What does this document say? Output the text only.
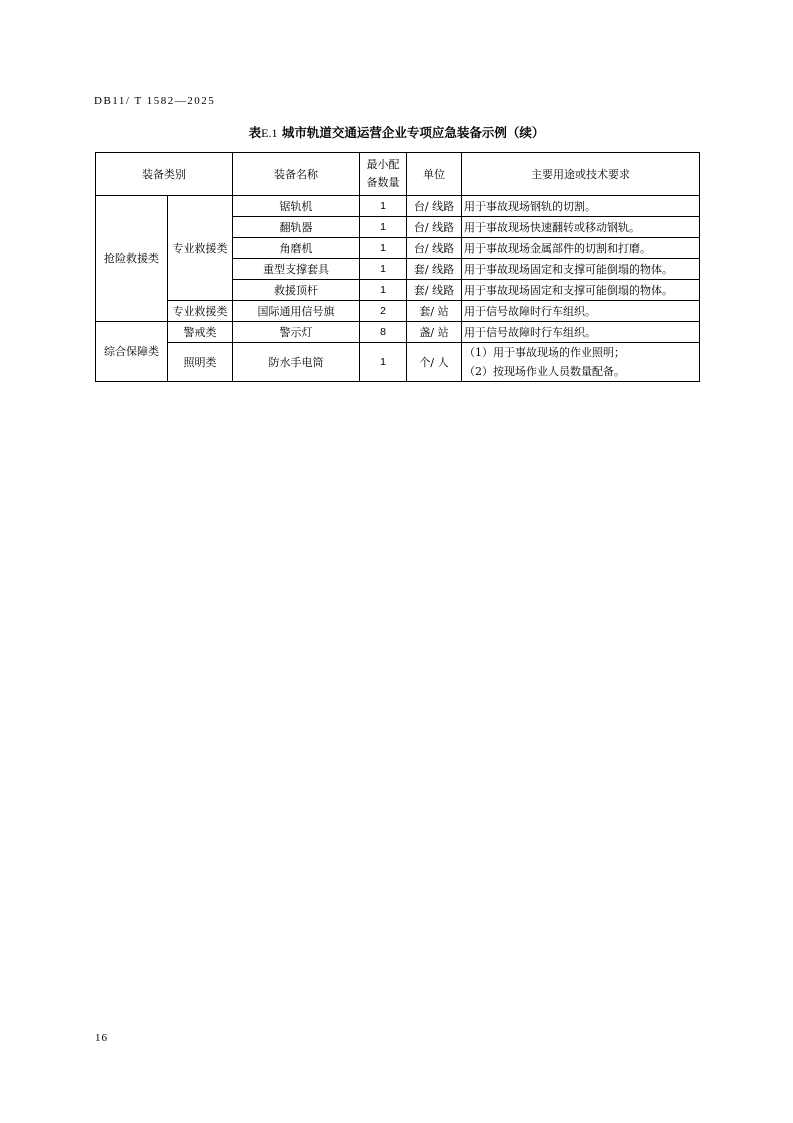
DB11/ T 1582—2025
表E.1 城市轨道交通运营企业专项应急装备示例（续）
装备类别		装备名称	最小配备数量	单位	主要用途或技术要求
抢险救援类	专业救援类	锯轨机	1	台/ 线路	用于事故现场钢轨的切割。
		翻轨器	1	台/ 线路	用于事故现场快速翻转或移动钢轨。
		角磨机	1	台/ 线路	用于事故现场金属部件的切割和打磨。
		重型支撑套具	1	套/ 线路	用于事故现场固定和支撑可能倒塌的物体。
		救援顶杆	1	套/ 线路	用于事故现场固定和支撑可能倒塌的物体。
	专业救援类	国际通用信号旗	2	套/ 站	用于信号故障时行车组织。
综合保障类	警戒类	警示灯	8	盏/ 站	用于信号故障时行车组织。
	照明类	防水手电筒	1	个/ 人	（1）用于事故现场的作业照明；
（2）按现场作业人员数量配备。
16
